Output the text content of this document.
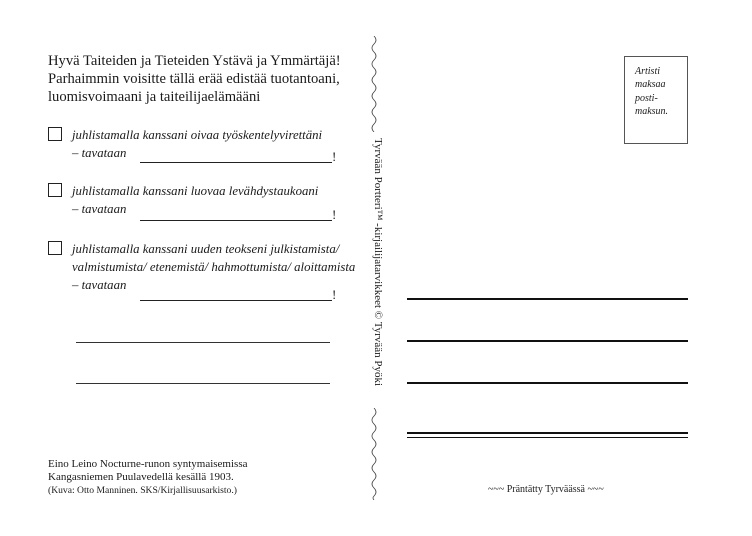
Hyvä Taiteiden ja Tieteiden Ystävä ja Ymmärtäjä!
Parhaimmin voisitte tällä erää edistää tuotantoani,
luomisvoimaani ja taiteilijaelämääni
juhlistamalla kanssani oivaa työskentelyvirettäni
– tavataan	!
juhlistamalla kanssani luovaa levähdystaukoani
– tavataan	!
juhlistamalla kanssani uuden teokseni julkistamista/
valmistumista/ etenemistä/ hahmottumista/ aloittamista
– tavataan
!	Tyrvään Portteri™ -kirjailijatarvikkeet © Tyrvään Pyöki
Artisti
maksaa
posti-
maksun.
Eino Leino Nocturne-runon syntymaisemissa
Kangasniemen Puulavedellä kesällä 1903.
(Kuva: Otto Manninen. SKS/Kirjallisuusarkisto.)	~~~ Präntätty Tyrväässä ~~~
